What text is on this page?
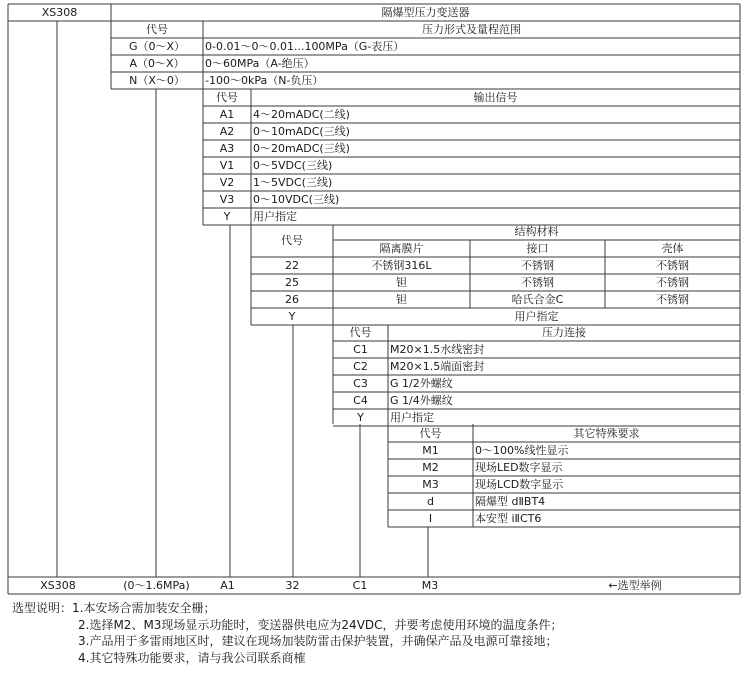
XS308	隔爆型压力变送器
代号	压力形式及量程范围
G（0～X）	0-0.01～0～0.01...100MPa（G-表压）
A（0～X）	0～60MPa（A-绝压）
N（X～0）	-100～0kPa（N-负压）
代号	输出信号
A1	4～20mADC(二线)
A2	0～10mADC(三线)
A3	0～20mADC(三线)
V1	0～5VDC(三线)
V2	1～5VDC(三线)
V3	0～10VDC(三线)
Y	用户指定
代号
结构材料
隔离膜片	接口	壳体
22	不锈钢316L	不锈钢	不锈钢
25	钽	不锈钢	不锈钢
26	钽	哈氏合金C	不锈钢
Y	用户指定
代号	压力连接
C1	M20×1.5水线密封
C2	M20×1.5端面密封
C3	G 1/2外螺纹
C4	G 1/4外螺纹
Y	用户指定
代号	其它特殊要求
M1	0～100%线性显示
M2	现场LED数字显示
M3	现场LCD数字显示
d	隔爆型 dⅡBT4
I	本安型 iⅡCT6
XS308	(0～1.6MPa)	A1	32	C1	M3	←选型举例
选型说明：1.本安场合需加装安全栅；
2.选择M2、M3现场显示功能时，变送器供电应为24VDC，并要考虑使用环境的温度条件；
3.产品用于多雷雨地区时，建议在现场加装防雷击保护装置，并确保产品及电源可靠接地；
4.其它特殊功能要求，请与我公司联系商榷
